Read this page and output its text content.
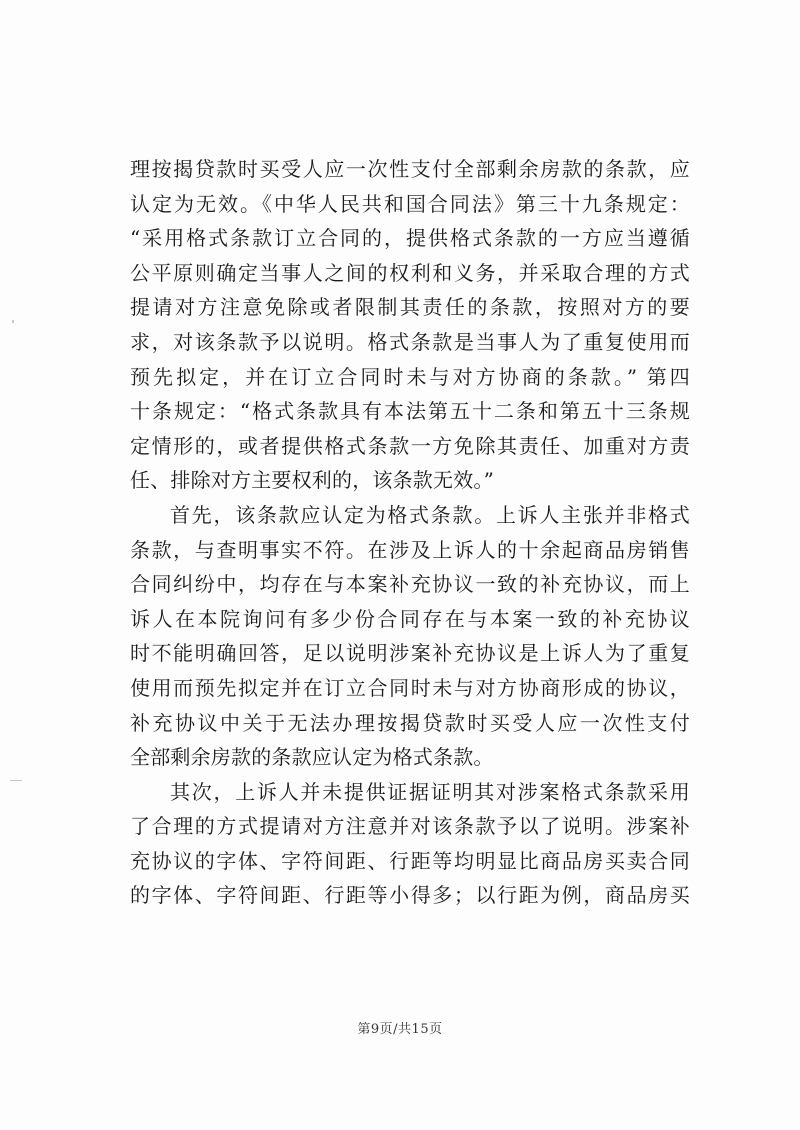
理按揭贷款时买受人应一次性支付全部剩余房款的条款，应
认定为无效。《中华人民共和国合同法》第三十九条规定：
“采用格式条款订立合同的，提供格式条款的一方应当遵循
公平原则确定当事人之间的权利和义务，并采取合理的方式
提请对方注意免除或者限制其责任的条款，按照对方的要
求，对该条款予以说明。格式条款是当事人为了重复使用而
预先拟定，并在订立合同时未与对方协商的条款。” 第四
十条规定：“格式条款具有本法第五十二条和第五十三条规
定情形的，或者提供格式条款一方免除其责任、加重对方责
任、排除对方主要权利的，该条款无效。”
首先，该条款应认定为格式条款。上诉人主张并非格式
条款，与查明事实不符。在涉及上诉人的十余起商品房销售
合同纠纷中，均存在与本案补充协议一致的补充协议，而上
诉人在本院询问有多少份合同存在与本案一致的补充协议
时不能明确回答，足以说明涉案补充协议是上诉人为了重复
使用而预先拟定并在订立合同时未与对方协商形成的协议，
补充协议中关于无法办理按揭贷款时买受人应一次性支付
全部剩余房款的条款应认定为格式条款。
其次，上诉人并未提供证据证明其对涉案格式条款采用
了合理的方式提请对方注意并对该条款予以了说明。涉案补
充协议的字体、字符间距、行距等均明显比商品房买卖合同
的字体、字符间距、行距等小得多；以行距为例，商品房买
第9页/共15页
